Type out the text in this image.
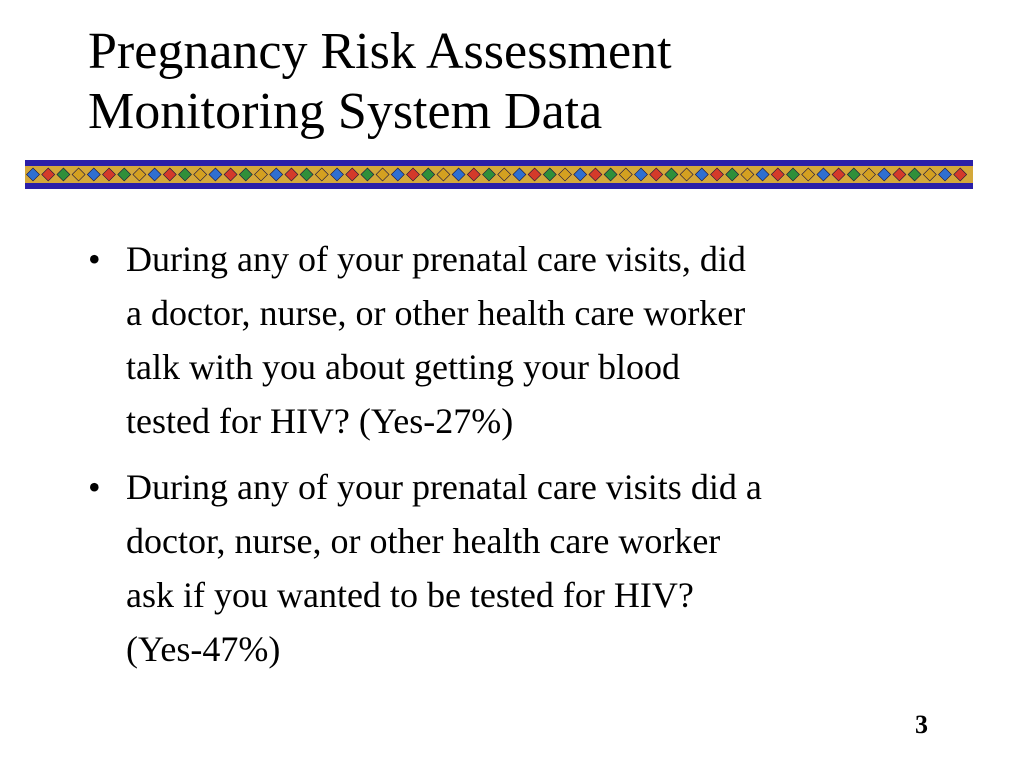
Pregnancy Risk Assessment
Monitoring System Data
• During any of your prenatal care visits, did
a doctor, nurse, or other health care worker
talk with you about getting your blood
tested for HIV? (Yes-27%)
• During any of your prenatal care visits did a
doctor, nurse, or other health care worker
ask if you wanted to be tested for HIV?
(Yes-47%)
3
